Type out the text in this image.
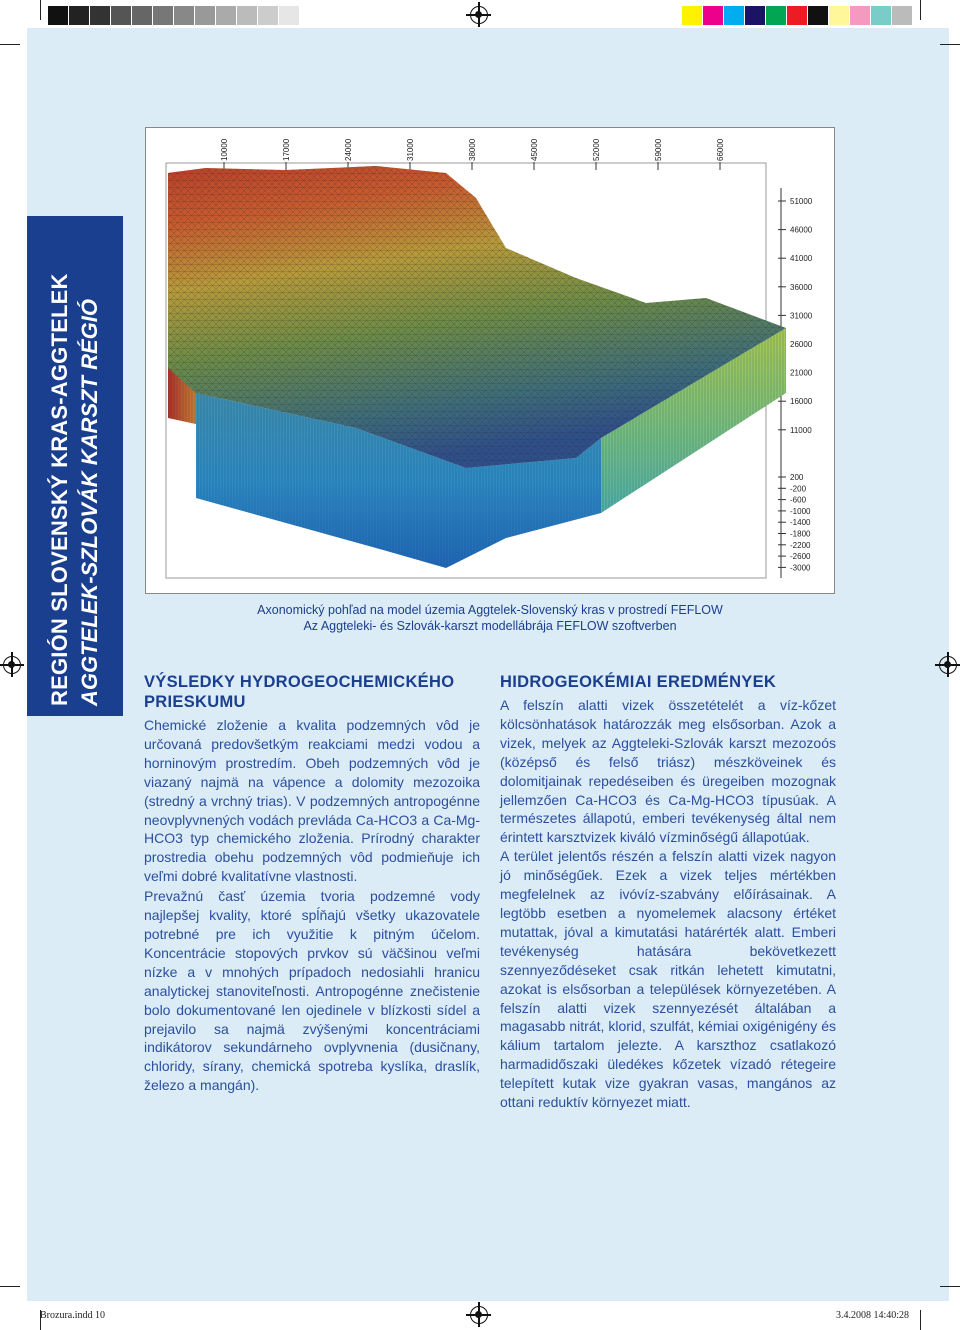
REGIÓN SLOVENSKÝ KRAS-AGGTELEK AGGTELEK-SZLOVÁK KARSZT RÉGIÓ
10000	17000	24000	31000	38000	45000	52000	59000	66000
51000
46000
41000
36000
31000
26000
21000
16000
11000
200
-200
-600
-1000
-1400
-1800
-2200
-2600
-3000
Axonomický pohľad na model územia Aggtelek-Slovenský kras v prostredí FEFLOW
Az Aggteleki- és Szlovák-karszt modellábrája FEFLOW szoftverben
VÝSLEDKY HYDROGEOCHEMICKÉHO PRIESKUMU

Chemické zloženie a kvalita podzemných vôd je určovaná predovšetkým reakciami medzi vodou a horninovým prostredím. Obeh podzemných vôd je viazaný najmä na vápence a dolomity mezozoika (stredný a vrchný trias). V podzemných antropogénne neovplyvnených vodách prevláda Ca-HCO3 a Ca-Mg-HCO3 typ chemického zloženia. Prírodný charakter prostredia obehu podzemných vôd podmieňuje ich veľmi dobré kvalitatívne vlastnosti.

Prevažnú časť územia tvoria podzemné vody najlepšej kvality, ktoré spĺňajú všetky ukazovatele potrebné pre ich využitie k pitným účelom. Koncentrácie stopových prvkov sú väčšinou veľmi nízke a v mnohých prípadoch nedosiahli hranicu analytickej stanoviteľnosti. Antropogénne znečistenie bolo dokumentované len ojedinele v blízkosti sídel a prejavilo sa najmä zvýšenými koncentráciami indikátorov sekundárneho ovplyvnenia (dusičnany, chloridy, sírany, chemická spotreba kyslíka, draslík, železo a mangán).

HIDROGEOKÉMIAI EREDMÉNYEK

A felszín alatti vizek összetételét a víz-kőzet kölcsönhatások határozzák meg elsősorban. Azok a vizek, melyek az Aggteleki-Szlovák karszt mezozoós (középső és felső triász) mészköveinek és dolomitjainak repedéseiben és üregeiben mozognak jellemzően Ca-HCO3 és Ca-Mg-HCO3 típusúak. A természetes állapotú, emberi tevékenység által nem érintett karsztvizek kiváló vízminőségű állapotúak.

A terület jelentős részén a felszín alatti vizek nagyon jó minőségűek. Ezek a vizek teljes mértékben megfelelnek az ivóvíz-szabvány előírásainak. A legtöbb esetben a nyomelemek alacsony értéket mutattak, jóval a kimutatási határérték alatt. Emberi tevékenység hatására bekövetkezett szennyeződéseket csak ritkán lehetett kimutatni, azokat is elsősorban a települések környezetében. A felszín alatti vizek szennyezését általában a magasabb nitrát, klorid, szulfát, kémiai oxigénigény és kálium tartalom jelezte. A karszthoz csatlakozó harmadidőszaki üledékes kőzetek vízadó rétegeire telepített kutak vize gyakran vasas, mangános az ottani reduktív környezet miatt.

Brozura.indd 10	3.4.2008 14:40:28
